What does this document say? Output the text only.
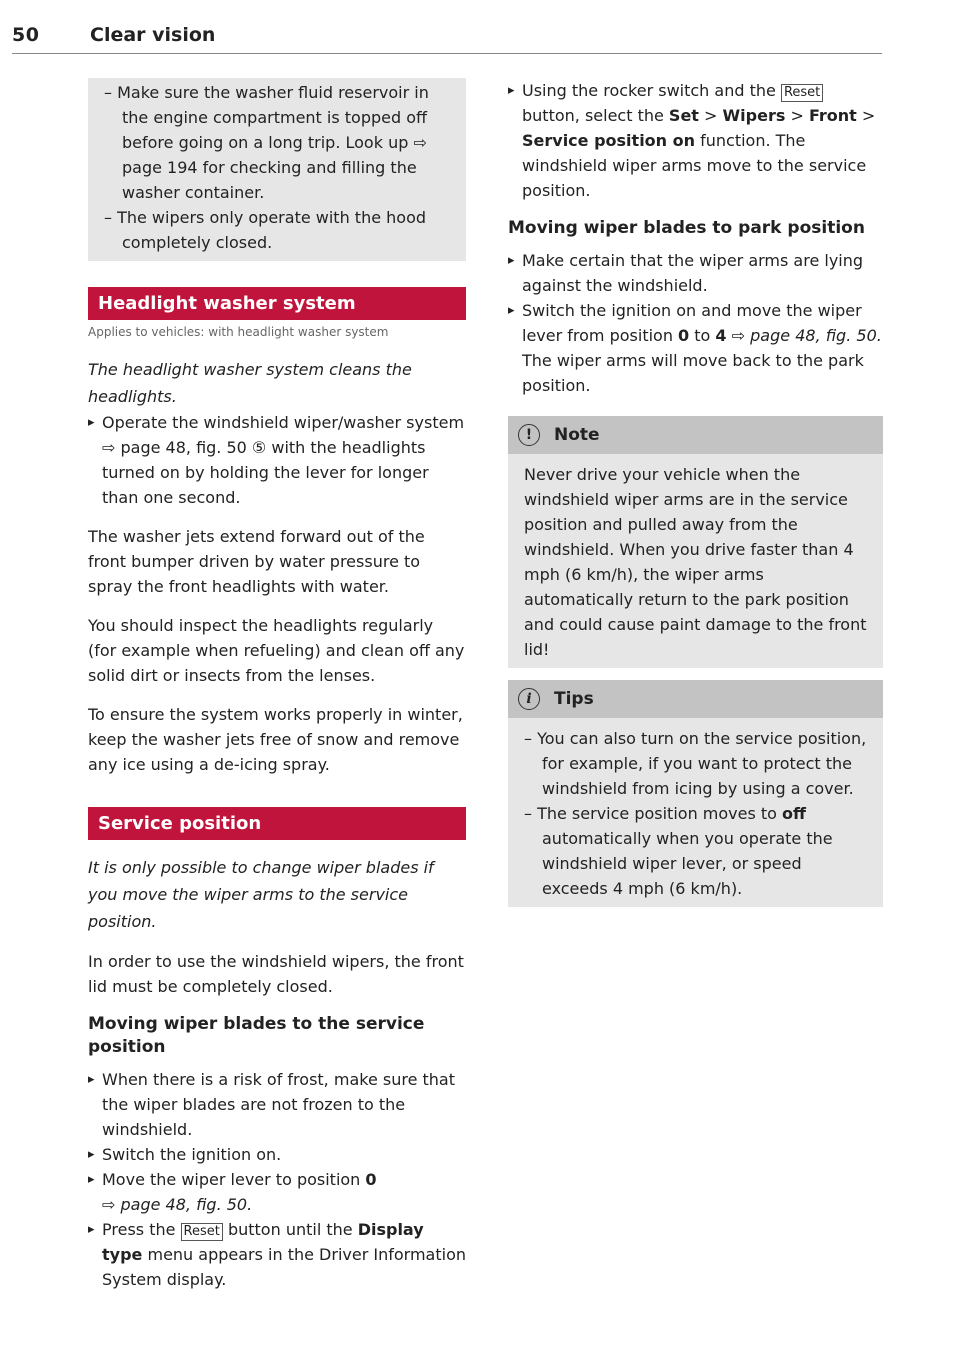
50	Clear vision

– Make sure the washer fluid reservoir in the engine compartment is topped off before going on a long trip. Look up ⇨ page 194 for checking and filling the washer container.

– The wipers only operate with the hood completely closed.

Headlight washer system

Applies to vehicles: with headlight washer system

The headlight washer system cleans the headlights.

▸ Operate the windshield wiper/washer system ⇨ page 48, fig. 50 ⑤ with the headlights turned on by holding the lever for longer than one second.

The washer jets extend forward out of the front bumper driven by water pressure to spray the front headlights with water.

You should inspect the headlights regularly (for example when refueling) and clean off any solid dirt or insects from the lenses.

To ensure the system works properly in winter, keep the washer jets free of snow and remove any ice using a de-icing spray.

Service position

It is only possible to change wiper blades if you move the wiper arms to the service position.

In order to use the windshield wipers, the front lid must be completely closed.

Moving wiper blades to the service position

▸ When there is a risk of frost, make sure that the wiper blades are not frozen to the windshield.

▸ Switch the ignition on.

▸ Move the wiper lever to position 0
⇨ page 48, fig. 50.

▸ Press the Reset button until the Display type menu appears in the Driver Information System display.

▸ Using the rocker switch and the Reset button, select the Set > Wipers > Front > Service position on function. The windshield wiper arms move to the service position.

Moving wiper blades to park position

▸ Make certain that the wiper arms are lying against the windshield.

▸ Switch the ignition on and move the wiper lever from position 0 to 4 ⇨ page 48, fig. 50. The wiper arms will move back to the park position.

!	Note
Never drive your vehicle when the windshield wiper arms are in the service position and pulled away from the windshield. When you drive faster than 4 mph (6 km/h), the wiper arms automatically return to the park position and could cause paint damage to the front lid!
i	Tips

– You can also turn on the service position, for example, if you want to protect the windshield from icing by using a cover.

– The service position moves to off automatically when you operate the windshield wiper lever, or speed exceeds 4 mph (6 km/h).
